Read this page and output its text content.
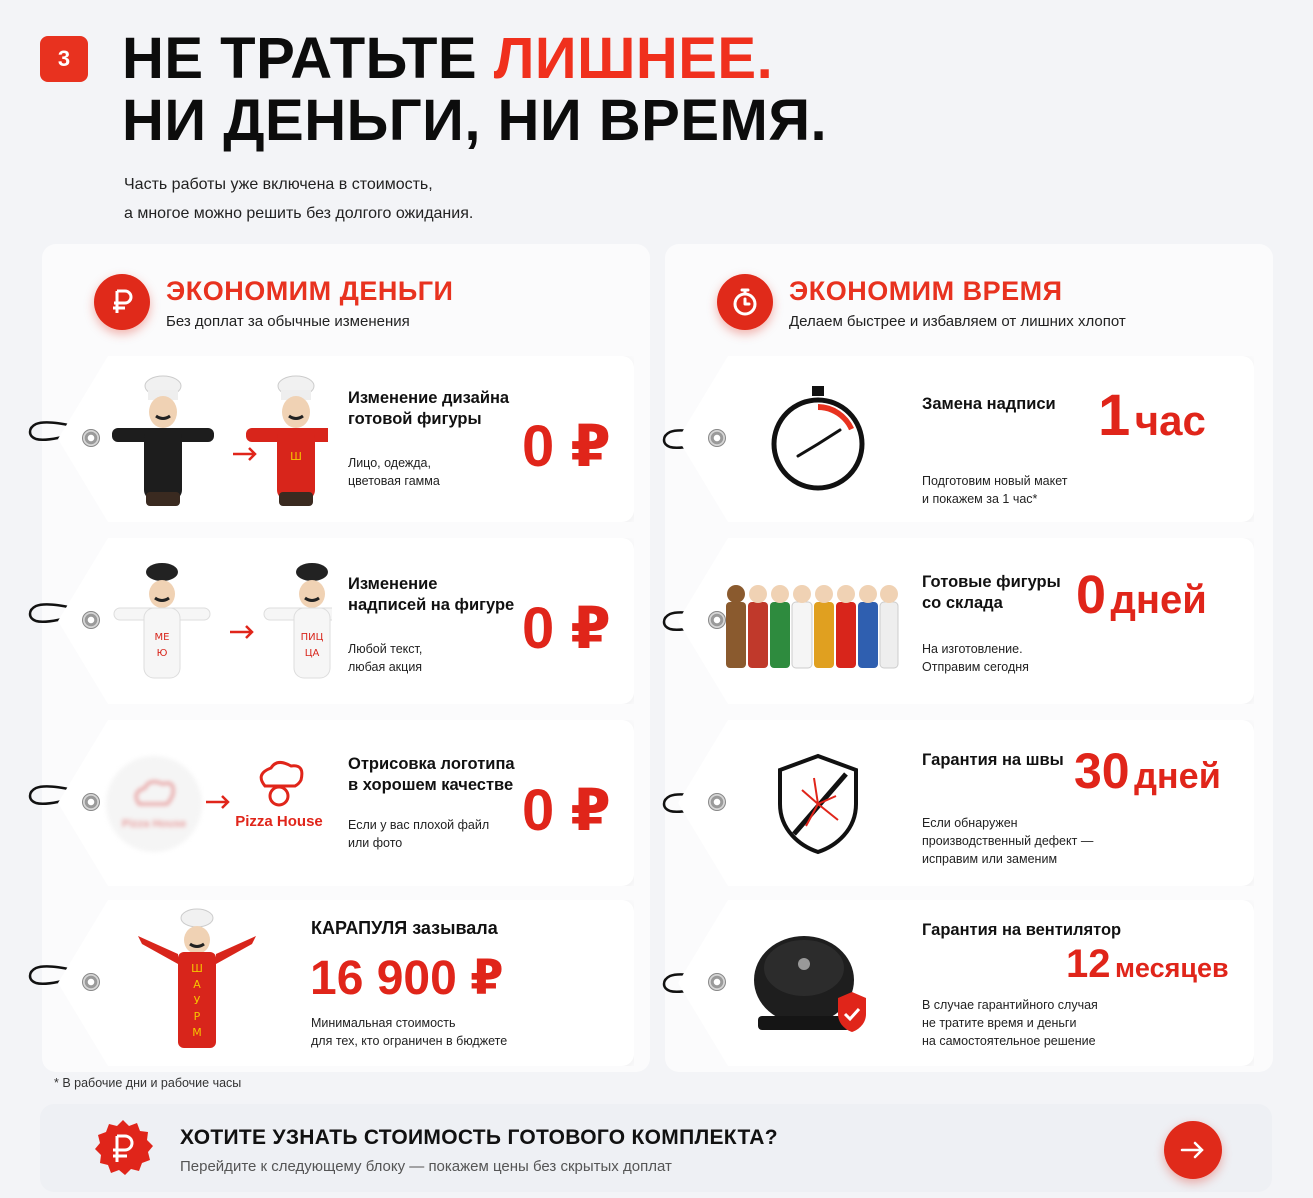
3 НЕ ТРАТЬТЕ ЛИШНЕЕ.
НИ ДЕНЬГИ, НИ ВРЕМЯ.
Часть работы уже включена в стоимость,
а многое можно решить без долгого ожидания.
ЭКОНОМИМ ДЕНЬГИ
Без доплат за обычные изменения
ЭКОНОМИМ ВРЕМЯ
Делаем быстрее и избавляем от лишних хлопот
Ш
Изменение дизайна
готовой фигуры
Лицо, одежда,
цветовая гамма
0 ₽
МЕ
Ю
ПИЦ
ЦА
Изменение
надписей на фигуре
Любой текст,
любая акция
0 ₽
Pizza House	Pizza House
Отрисовка логотипа
в хорошем качестве
Если у вас плохой файл
или фото	0 ₽
Ш
А
У
Р
М
КАРАПУЛЯ зазывала
16 900 ₽
Минимальная стоимость
для тех, кто ограничен в бюджете
Замена надписи
Подготовим новый макет
и покажем за 1 час*
1 час
Готовые фигуры
со склада
На изготовление.
Отправим сегодня
0 дней
Гарантия на швы
Если обнаружен
производственный дефект —
исправим или заменим
30 дней
Гарантия на вентилятор
12 месяцев
В случае гарантийного случая
не тратите время и деньги
на самостоятельное решение
* В рабочие дни и рабочие часы
ХОТИТЕ УЗНАТЬ СТОИМОСТЬ ГОТОВОГО КОМПЛЕКТА?
Перейдите к следующему блоку — покажем цены без скрытых доплат
